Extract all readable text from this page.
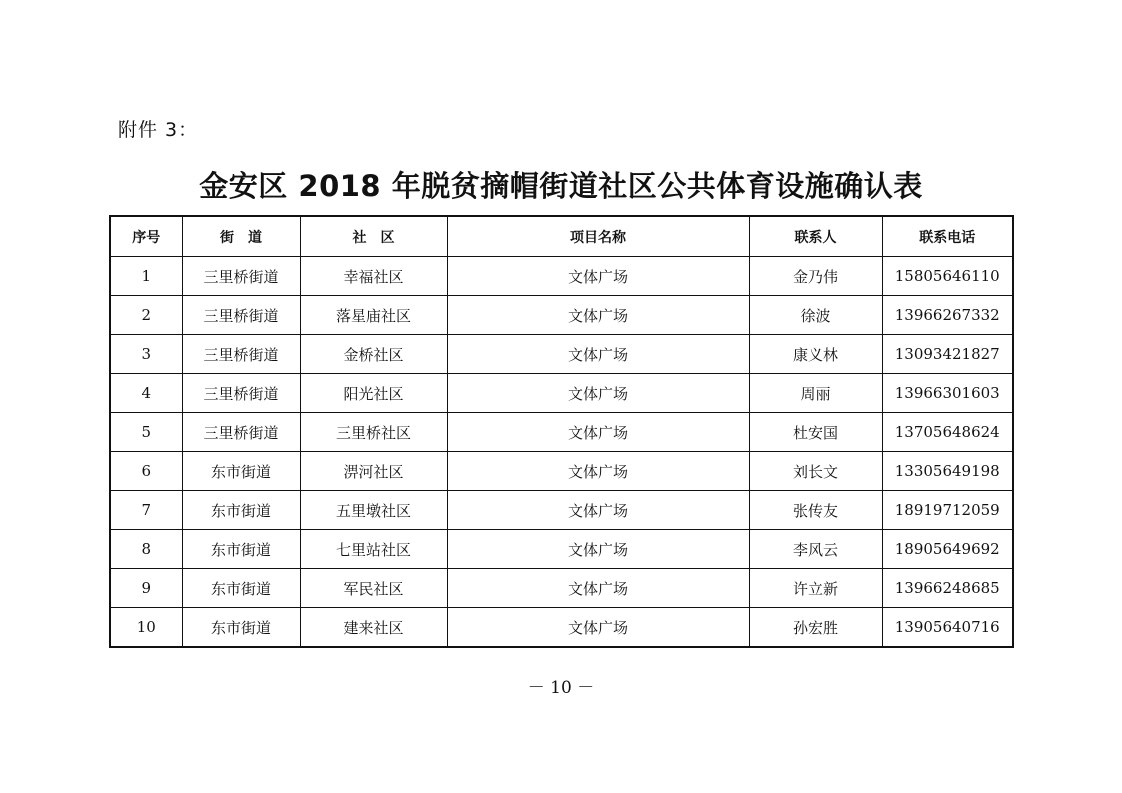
附件 3：
金安区 2018 年脱贫摘帽街道社区公共体育设施确认表
序号	街　道	社　区	项目名称	联系人	联系电话
1	三里桥街道	幸福社区	文体广场	金乃伟	15805646110
2	三里桥街道	落星庙社区	文体广场	徐波	13966267332
3	三里桥街道	金桥社区	文体广场	康义林	13093421827
4	三里桥街道	阳光社区	文体广场	周丽	13966301603
5	三里桥街道	三里桥社区	文体广场	杜安国	13705648624
6	东市街道	淠河社区	文体广场	刘长文	13305649198
7	东市街道	五里墩社区	文体广场	张传友	18919712059
8	东市街道	七里站社区	文体广场	李风云	18905649692
9	东市街道	军民社区	文体广场	许立新	13966248685
10	东市街道	建来社区	文体广场	孙宏胜	13905640716
－ 10 －
